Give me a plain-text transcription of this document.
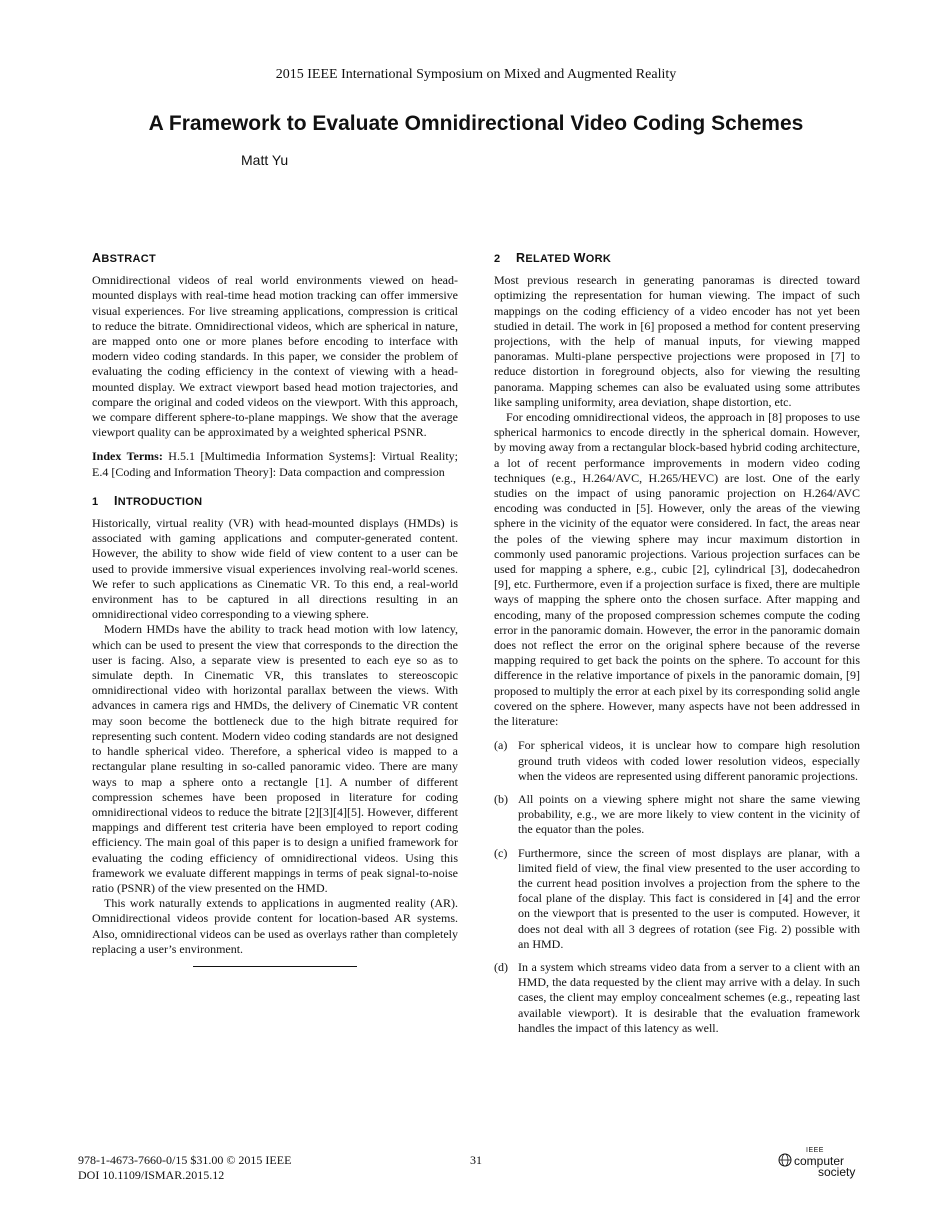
2015 IEEE International Symposium on Mixed and Augmented Reality
A Framework to Evaluate Omnidirectional Video Coding Schemes
Matt Yu
ABSTRACT

Omnidirectional videos of real world environments viewed on head-mounted displays with real-time head motion tracking can offer immersive visual experiences. For live streaming applications, compression is critical to reduce the bitrate. Omnidirectional videos, which are spherical in nature, are mapped onto one or more planes before encoding to interface with modern video coding standards. In this paper, we consider the problem of evaluating the coding efficiency in the context of viewing with a head-mounted display. We extract viewport based head motion trajectories, and compare the original and coded videos on the viewport. With this approach, we compare different sphere-to-plane mappings. We show that the average viewport quality can be approximated by a weighted spherical PSNR.

Index Terms: H.5.1 [Multimedia Information Systems]: Virtual Reality; E.4 [Coding and Information Theory]: Data compaction and compression

1 INTRODUCTION

Historically, virtual reality (VR) with head-mounted displays (HMDs) is associated with gaming applications and computer-generated content. However, the ability to show wide field of view content to a user can be used to provide immersive visual experiences involving real-world scenes. We refer to such applications as Cinematic VR. To this end, a real-world environment has to be captured in all directions resulting in an omnidirectional video corresponding to a viewing sphere.

Modern HMDs have the ability to track head motion with low latency, which can be used to present the view that corresponds to the direction the user is facing. Also, a separate view is presented to each eye so as to simulate depth. In Cinematic VR, this translates to stereoscopic omnidirectional video with horizontal parallax between the views. With advances in camera rigs and HMDs, the delivery of Cinematic VR content may soon become the bottleneck due to the high bitrate required for representing such content. Modern video coding standards are not designed to handle spherical video. Therefore, a spherical video is mapped to a rectangular plane resulting in so-called panoramic video. There are many ways to map a sphere onto a rectangle [1]. A number of different compression schemes have been proposed in literature for coding omnidirectional videos to reduce the bitrate [2][3][4][5]. However, different mappings and different test criteria have been employed to report coding efficiency. The main goal of this paper is to design a unified framework for evaluating the coding efficiency of omnidirectional videos. Using this framework we evaluate different mappings in terms of peak signal-to-noise ratio (PSNR) of the view presented on the HMD.

This work naturally extends to applications in augmented reality (AR). Omnidirectional videos provide content for location-based AR systems. Also, omnidirectional videos can be used as overlays rather than completely replacing a user’s environment.

2 RELATED WORK

Most previous research in generating panoramas is directed toward optimizing the representation for human viewing. The impact of such mappings on the coding efficiency of a video encoder has not yet been studied in detail. The work in [6] proposed a method for content preserving projections, with the help of manual inputs, for viewing mapped panoramas. Multi-plane perspective projections were proposed in [7] to reduce distortion in foreground objects, also for viewing the resulting panorama. Mapping schemes can also be evaluated using some attributes like sampling uniformity, area deviation, shape distortion, etc.

For encoding omnidirectional videos, the approach in [8] proposes to use spherical harmonics to encode directly in the spherical domain. However, by moving away from a rectangular block-based hybrid coding architecture, a lot of recent performance improvements in modern video coding techniques (e.g., H.264/AVC, H.265/HEVC) are lost. One of the early studies on the impact of using panoramic projection on H.264/AVC encoding was conducted in [5]. However, only the areas of the viewing sphere in the vicinity of the equator were considered. In fact, the areas near the poles of the viewing sphere may incur maximum distortion in commonly used panoramic projections. Various projection surfaces can be used for mapping a sphere, e.g., cubic [2], cylindrical [3], dodecahedron [9], etc. Furthermore, even if a projection surface is fixed, there are multiple ways of mapping the sphere onto the chosen surface. After mapping and encoding, many of the proposed compression schemes compute the coding error in the panoramic domain. However, the error in the panoramic domain does not reflect the error on the original sphere because of the reverse mapping required to get back the points on the sphere. To account for this difference in the relative importance of pixels in the panoramic domain, [9] proposed to multiply the error at each pixel by its corresponding solid angle covered on the sphere. However, many aspects have not been addressed in the literature:

(a) For spherical videos, it is unclear how to compare high resolution ground truth videos with coded lower resolution videos, especially when the videos are represented using different panoramic projections.
(b) All points on a viewing sphere might not share the same viewing probability, e.g., we are more likely to view content in the vicinity of the equator than the poles.
(c) Furthermore, since the screen of most displays are planar, with a limited field of view, the final view presented to the user according to the current head position involves a projection from the sphere to the focal plane of the display. This fact is considered in [4] and the error on the viewport that is presented to the user is computed. However, it does not deal with all 3 degrees of rotation (see Fig. 2) possible with an HMD.
(d) In a system which streams video data from a server to a client with an HMD, the data requested by the client may arrive with a delay. In such cases, the client may employ concealment schemes (e.g., repeating last available viewport). It is desirable that the evaluation framework handles the impact of this latency as well.
978-1-4673-7660-0/15 $31.00 © 2015 IEEE
DOI 10.1109/ISMAR.2015.12
31
IEEE
computer
society
